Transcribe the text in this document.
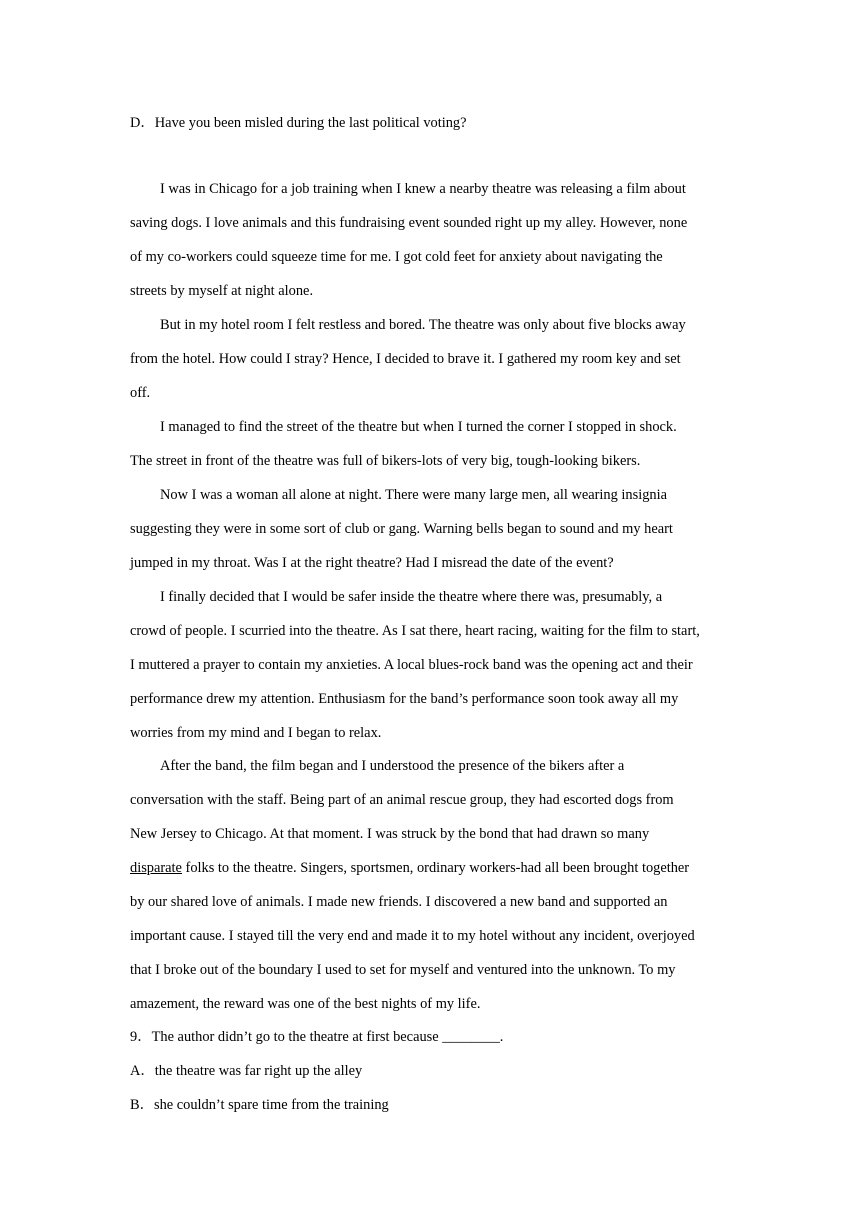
D．Have you been misled during the last political voting?
I was in Chicago for a job training when I knew a nearby theatre was releasing a film about
saving dogs. I love animals and this fundraising event sounded right up my alley. However, none
of my co-workers could squeeze time for me. I got cold feet for anxiety about navigating the
streets by myself at night alone.
But in my hotel room I felt restless and bored. The theatre was only about five blocks away
from the hotel. How could I stray? Hence, I decided to brave it. I gathered my room key and set
off.
I managed to find the street of the theatre but when I turned the corner I stopped in shock.
The street in front of the theatre was full of bikers-lots of very big, tough-looking bikers.
Now I was a woman all alone at night. There were many large men, all wearing insignia
suggesting they were in some sort of club or gang. Warning bells began to sound and my heart
jumped in my throat. Was I at the right theatre? Had I misread the date of the event?
I finally decided that I would be safer inside the theatre where there was, presumably, a
crowd of people. I scurried into the theatre. As I sat there, heart racing, waiting for the film to start,
I muttered a prayer to contain my anxieties. A local blues-rock band was the opening act and their
performance drew my attention. Enthusiasm for the band’s performance soon took away all my
worries from my mind and I began to relax.
After the band, the film began and I understood the presence of the bikers after a
conversation with the staff. Being part of an animal rescue group, they had escorted dogs from
New Jersey to Chicago. At that moment. I was struck by the bond that had drawn so many
disparate folks to the theatre. Singers, sportsmen, ordinary workers-had all been brought together
by our shared love of animals. I made new friends. I discovered a new band and supported an
important cause. I stayed till the very end and made it to my hotel without any incident, overjoyed
that I broke out of the boundary I used to set for myself and ventured into the unknown. To my
amazement, the reward was one of the best nights of my life.
9．The author didn’t go to the theatre at first because ________.
A．the theatre was far right up the alley
B．she couldn’t spare time from the training
